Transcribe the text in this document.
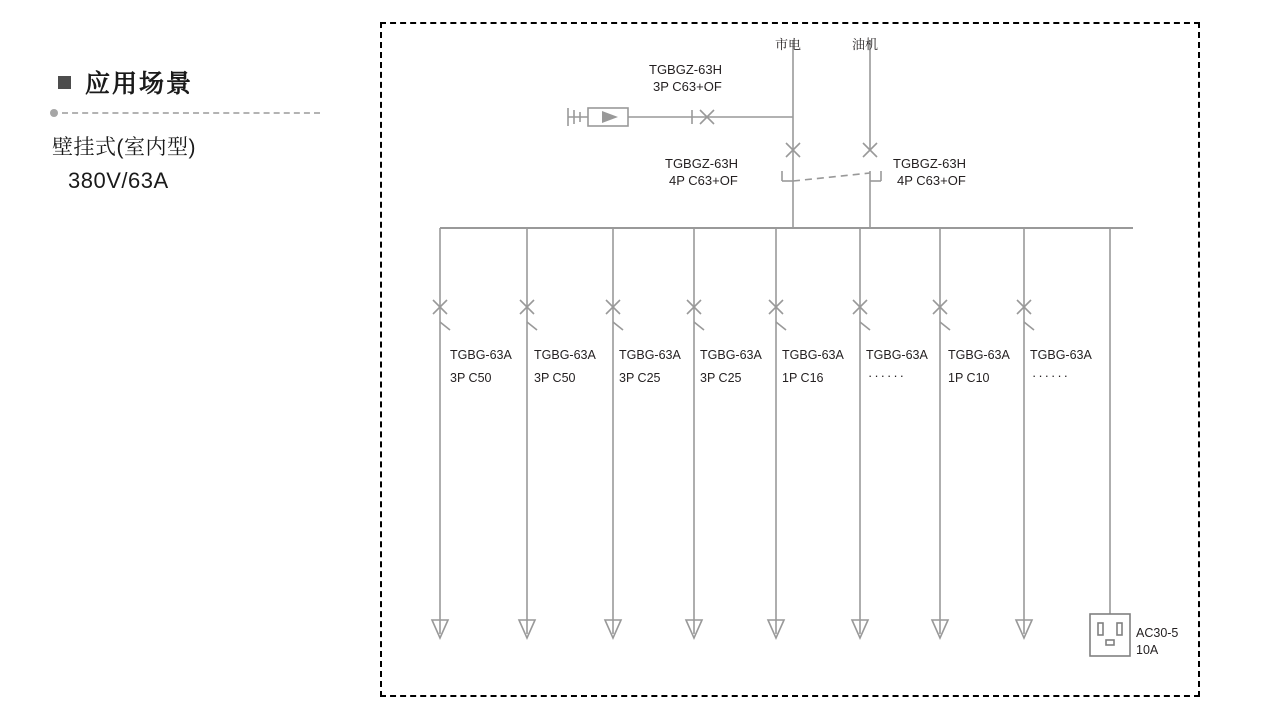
应用场景
壁挂式(室内型)
380V/63A
市电	油机
TGBGZ-63H
3P C63+OF
TGBGZ-63H
4P C63+OF
TGBGZ-63H
4P C63+OF
TGBG-63A
3P C50
TGBG-63A
3P C50
TGBG-63A
3P C25
TGBG-63A
3P C25
TGBG-63A
1P C16
TGBG-63A
······
TGBG-63A
1P C10
TGBG-63A
······
AC30-5
10A
